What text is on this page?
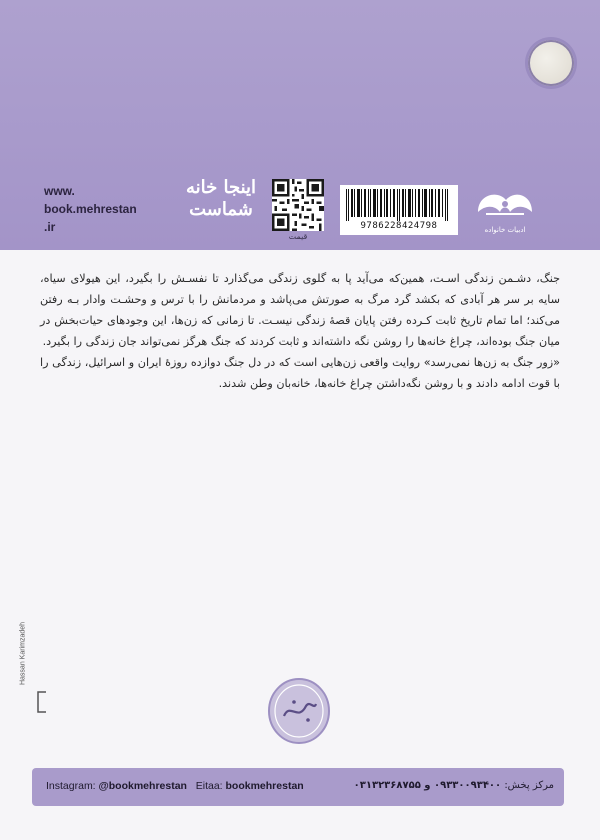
www.
book.mehrestan
.ir
اینجا خانه
شماست
قیمت
9786228424798	ادبیات خانواده

جنگ، دشـمن زندگی اسـت، همین‌که می‌آید پا به گلوی زندگی می‌گذارد تا نفسـش را بگیرد، این هیولای سیاه، سایه بر سر هر آبادی که بکشد گرد مرگ به صورتش می‌پاشد و مردمانش را با ترس و وحشـت وادار بـه رفتن می‌کند؛ اما تمام تاریخ ثابت کـرده رفتن پایان قصهٔ زندگی نیسـت. تا زمانی که زن‌ها، این وجودهای حیات‌بخش در میان جنگ بوده‌اند، چراغ خانه‌ها را روشن نگه داشته‌اند و ثابت کردند که جنگ هرگز نمی‌تواند جان زندگی را بگیرد.

«زور جنگ به زن‌ها نمی‌رسد» روایت واقعی زن‌هایی است که در دل جنگ دوازده روزهٔ ایران و اسرائیل، زندگی را با قوت ادامه دادند و با روشن نگه‌داشتن چراغ خانه‌ها، خانه‌بان وطن شدند.

Hassan Karimzadeh
Instagram: @bookmehrestan Eitaa: bookmehrestan	مرکز پخش: ۰۹۳۳۰۰۹۳۴۰۰ و ۰۳۱۳۲۳۶۸۷۵۵
